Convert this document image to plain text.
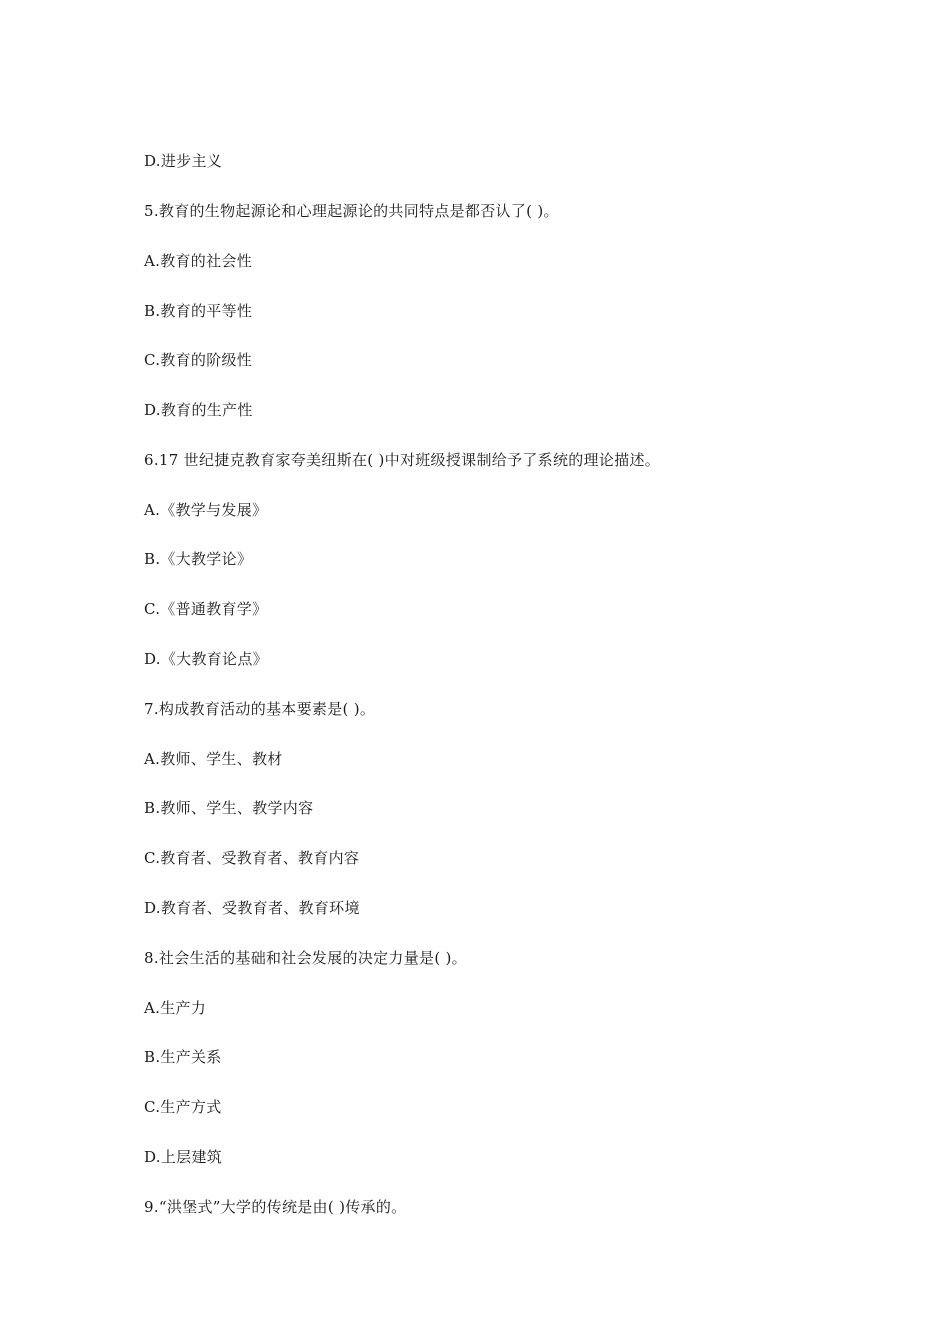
D.进步主义
5.教育的生物起源论和心理起源论的共同特点是都否认了( )。
A.教育的社会性
B.教育的平等性
C.教育的阶级性
D.教育的生产性
6.17 世纪捷克教育家夸美纽斯在( )中对班级授课制给予了系统的理论描述。
A.《教学与发展》
B.《大教学论》
C.《普通教育学》
D.《大教育论点》
7.构成教育活动的基本要素是( )。
A.教师、学生、教材
B.教师、学生、教学内容
C.教育者、受教育者、教育内容
D.教育者、受教育者、教育环境
8.社会生活的基础和社会发展的决定力量是( )。
A.生产力
B.生产关系
C.生产方式
D.上层建筑
9.“洪堡式”大学的传统是由( )传承的。
